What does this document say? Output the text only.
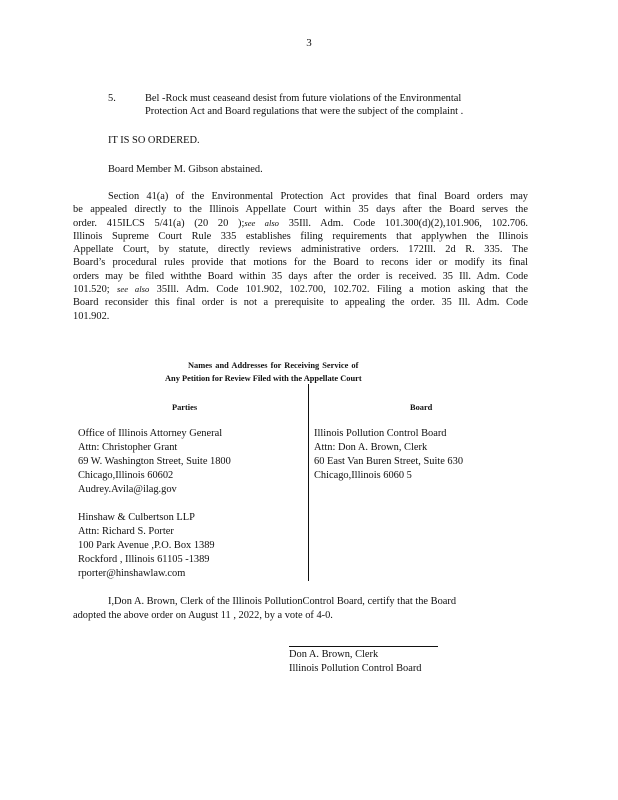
3
5.	Bel -Rock must ceaseand desist from future violations of the Environmental
Protection Act and Board regulations that were the subject of the complaint .
IT IS SO ORDERED.
Board Member M. Gibson abstained.
Section 41(a) of the Environmental Protection Act provides that final Board orders may
be appealed directly to the Illinois Appellate Court within 35 days after the Board serves the
order. 415ILCS 5/41(a) (20 20 );see also 35Ill. Adm. Code 101.300(d)(2),101.906, 102.706.
Illinois Supreme Court Rule 335 establishes filing requirements that applywhen the Illinois
Appellate Court, by statute, directly reviews administrative orders. 172Ill. 2d R. 335. The
Board’s procedural rules provide that motions for the Board to recons ider or modify its final
orders may be filed withthe Board within 35 days after the order is received. 35 Ill. Adm. Code
101.520; see also 35Ill. Adm. Code 101.902, 102.700, 102.702. Filing a motion asking that the
Board reconsider this final order is not a prerequisite to appealing the order. 35 Ill. Adm. Code
101.902.
Names and Addresses for Receiving Service of
Any Petition for Review Filed with the Appellate Court
Parties	Board
Office of Illinois Attorney General
Attn: Christopher Grant
69 W. Washington Street, Suite 1800
Chicago,Illinois 60602
Audrey.Avila@ilag.gov
Hinshaw & Culbertson LLP
Attn: Richard S. Porter
100 Park Avenue ,P.O. Box 1389
Rockford , Illinois 61105 -1389
rporter@hinshawlaw.com
Illinois Pollution Control Board
Attn: Don A. Brown, Clerk
60 East Van Buren Street, Suite 630
Chicago,Illinois 6060 5
I,Don A. Brown, Clerk of the Illinois PollutionControl Board, certify that the Board
adopted the above order on August 11 , 2022, by a vote of 4-0.
Don A. Brown, Clerk
Illinois Pollution Control Board
